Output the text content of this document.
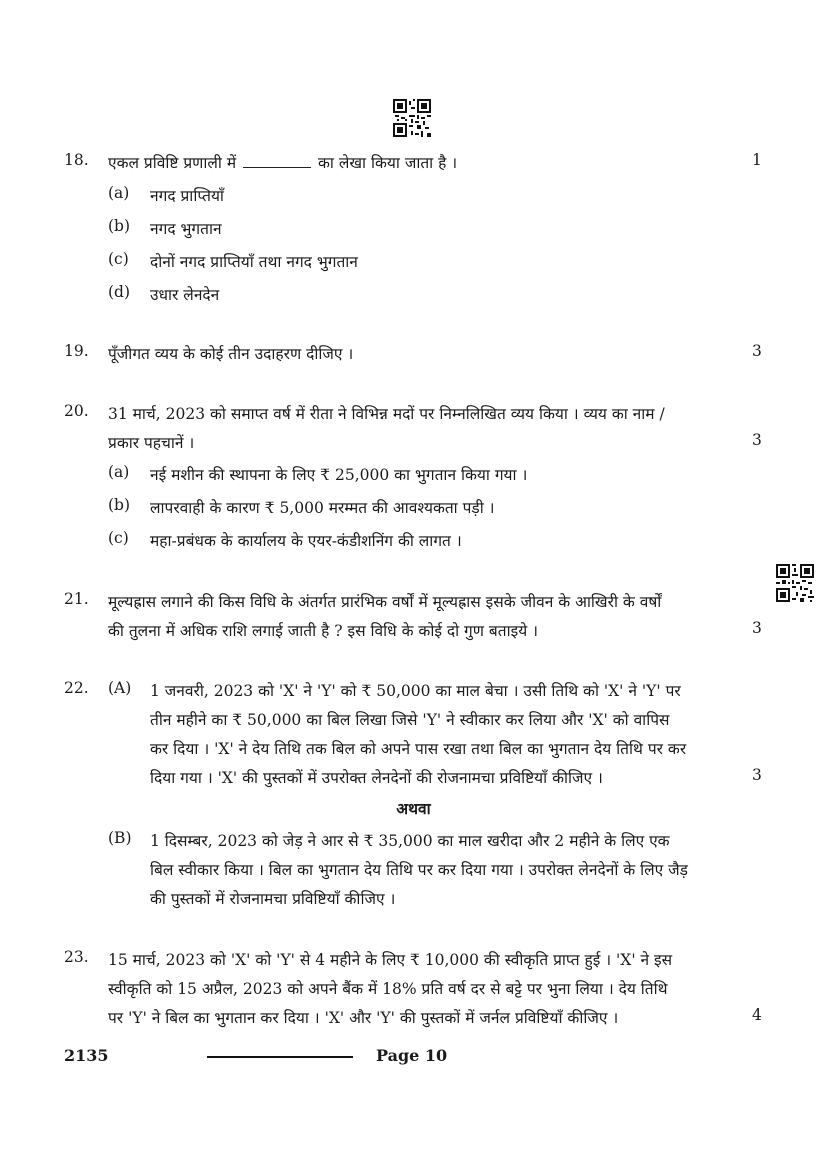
18. एकल प्रविष्टि प्रणाली में	का लेखा किया जाता है ।	1
(a) नगद प्राप्तियाँ
(b) नगद भुगतान
(c) दोनों नगद प्राप्तियाँ तथा नगद भुगतान
(d) उधार लेनदेन
19. पूँजीगत व्यय के कोई तीन उदाहरण दीजिए ।	3
20. 31 मार्च, 2023 को समाप्त वर्ष में रीता ने विभिन्न मदों पर निम्नलिखित व्यय किया । व्यय का नाम /
प्रकार पहचानें ।	3
(a) नई मशीन की स्थापना के लिए ₹ 25,000 का भुगतान किया गया ।
(b) लापरवाही के कारण ₹ 5,000 मरम्मत की आवश्यकता पड़ी ।
(c) महा-प्रबंधक के कार्यालय के एयर-कंडीशनिंग की लागत ।
21. मूल्यह्रास लगाने की किस विधि के अंतर्गत प्रारंभिक वर्षों में मूल्यह्रास इसके जीवन के आखिरी के वर्षों
की तुलना में अधिक राशि लगाई जाती है ? इस विधि के कोई दो गुण बताइये ।	3
22. (A) 1 जनवरी, 2023 को 'X' ने 'Y' को ₹ 50,000 का माल बेचा । उसी तिथि को 'X' ने 'Y' पर
तीन महीने का ₹ 50,000 का बिल लिखा जिसे 'Y' ने स्वीकार कर लिया और 'X' को वापिस
कर दिया । 'X' ने देय तिथि तक बिल को अपने पास रखा तथा बिल का भुगतान देय तिथि पर कर
दिया गया । 'X' की पुस्तकों में उपरोक्त लेनदेनों की रोजनामचा प्रविष्टियाँ कीजिए ।	3
अथवा
(B) 1 दिसम्बर, 2023 को जेड़ ने आर से ₹ 35,000 का माल खरीदा और 2 महीने के लिए एक
बिल स्वीकार किया । बिल का भुगतान देय तिथि पर कर दिया गया । उपरोक्त लेनदेनों के लिए जैड़
की पुस्तकों में रोजनामचा प्रविष्टियाँ कीजिए ।
23. 15 मार्च, 2023 को 'X' को 'Y' से 4 महीने के लिए ₹ 10,000 की स्वीकृति प्राप्त हुई । 'X' ने इस
स्वीकृति को 15 अप्रैल, 2023 को अपने बैंक में 18% प्रति वर्ष दर से बट्टे पर भुना लिया । देय तिथि
पर 'Y' ने बिल का भुगतान कर दिया । 'X' और 'Y' की पुस्तकों में जर्नल प्रविष्टियाँ कीजिए ।	4
2135	Page 10
